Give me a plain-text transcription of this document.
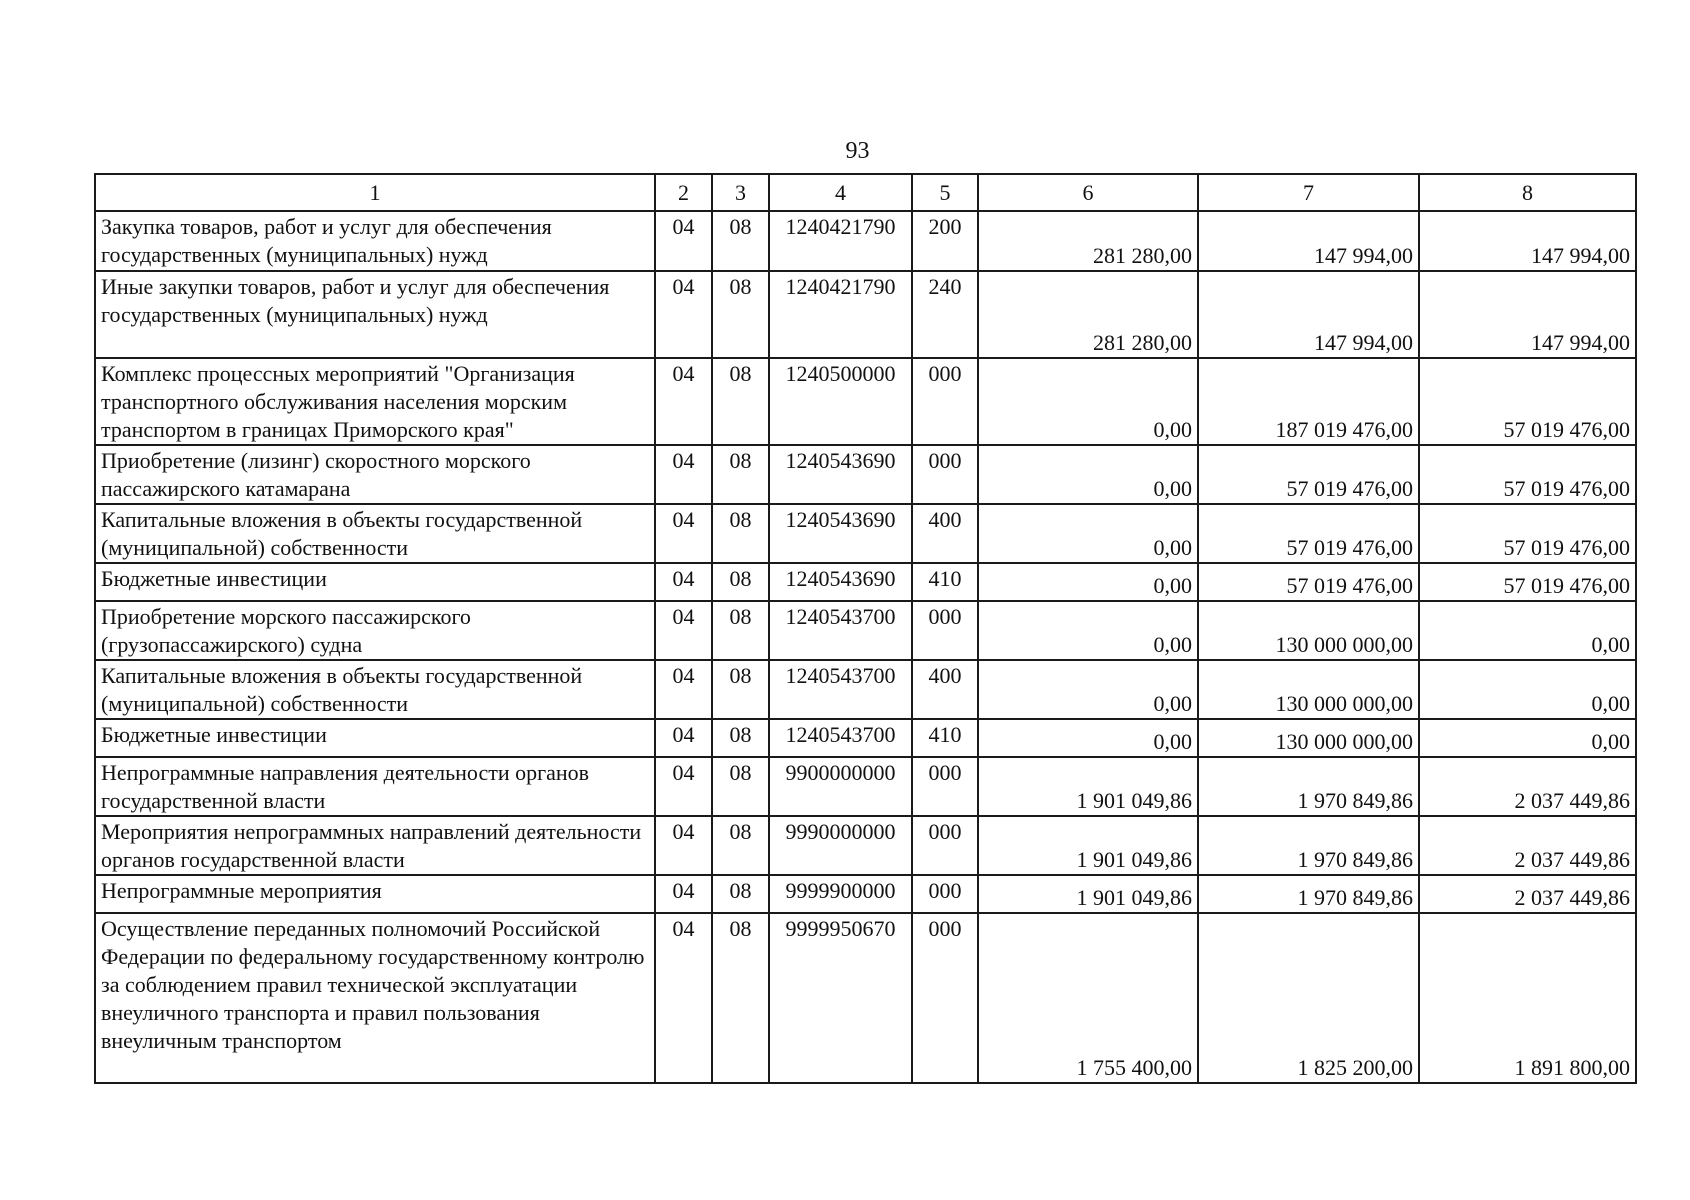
93
1	2	3	4	5	6	7	8
Закупка товаров, работ и услуг для обеспечения государственных (муниципальных) нужд	04	08	1240421790	200	281 280,00	147 994,00	147 994,00
Иные закупки товаров, работ и услуг для обеспечения государственных (муниципальных) нужд	04	08	1240421790	240	281 280,00	147 994,00	147 994,00
Комплекс процессных мероприятий "Организация транспортного обслуживания населения морским транспортом в границах Приморского края"	04	08	1240500000	000	0,00	187 019 476,00	57 019 476,00
Приобретение (лизинг) скоростного морского пассажирского катамарана	04	08	1240543690	000	0,00	57 019 476,00	57 019 476,00
Капитальные вложения в объекты государственной (муниципальной) собственности	04	08	1240543690	400	0,00	57 019 476,00	57 019 476,00
Бюджетные инвестиции	04	08	1240543690	410	0,00	57 019 476,00	57 019 476,00
Приобретение морского пассажирского (грузопассажирского) судна	04	08	1240543700	000	0,00	130 000 000,00	0,00
Капитальные вложения в объекты государственной (муниципальной) собственности	04	08	1240543700	400	0,00	130 000 000,00	0,00
Бюджетные инвестиции	04	08	1240543700	410	0,00	130 000 000,00	0,00
Непрограммные направления деятельности органов государственной власти	04	08	9900000000	000	1 901 049,86	1 970 849,86	2 037 449,86
Мероприятия непрограммных направлений деятельности органов государственной власти	04	08	9990000000	000	1 901 049,86	1 970 849,86	2 037 449,86
Непрограммные мероприятия	04	08	9999900000	000	1 901 049,86	1 970 849,86	2 037 449,86
Осуществление переданных полномочий Российской Федерации по федеральному государственному контролю за соблюдением правил технической эксплуатации внеуличного транспорта и правил пользования внеуличным транспортом	04	08	9999950670	000	1 755 400,00	1 825 200,00	1 891 800,00
